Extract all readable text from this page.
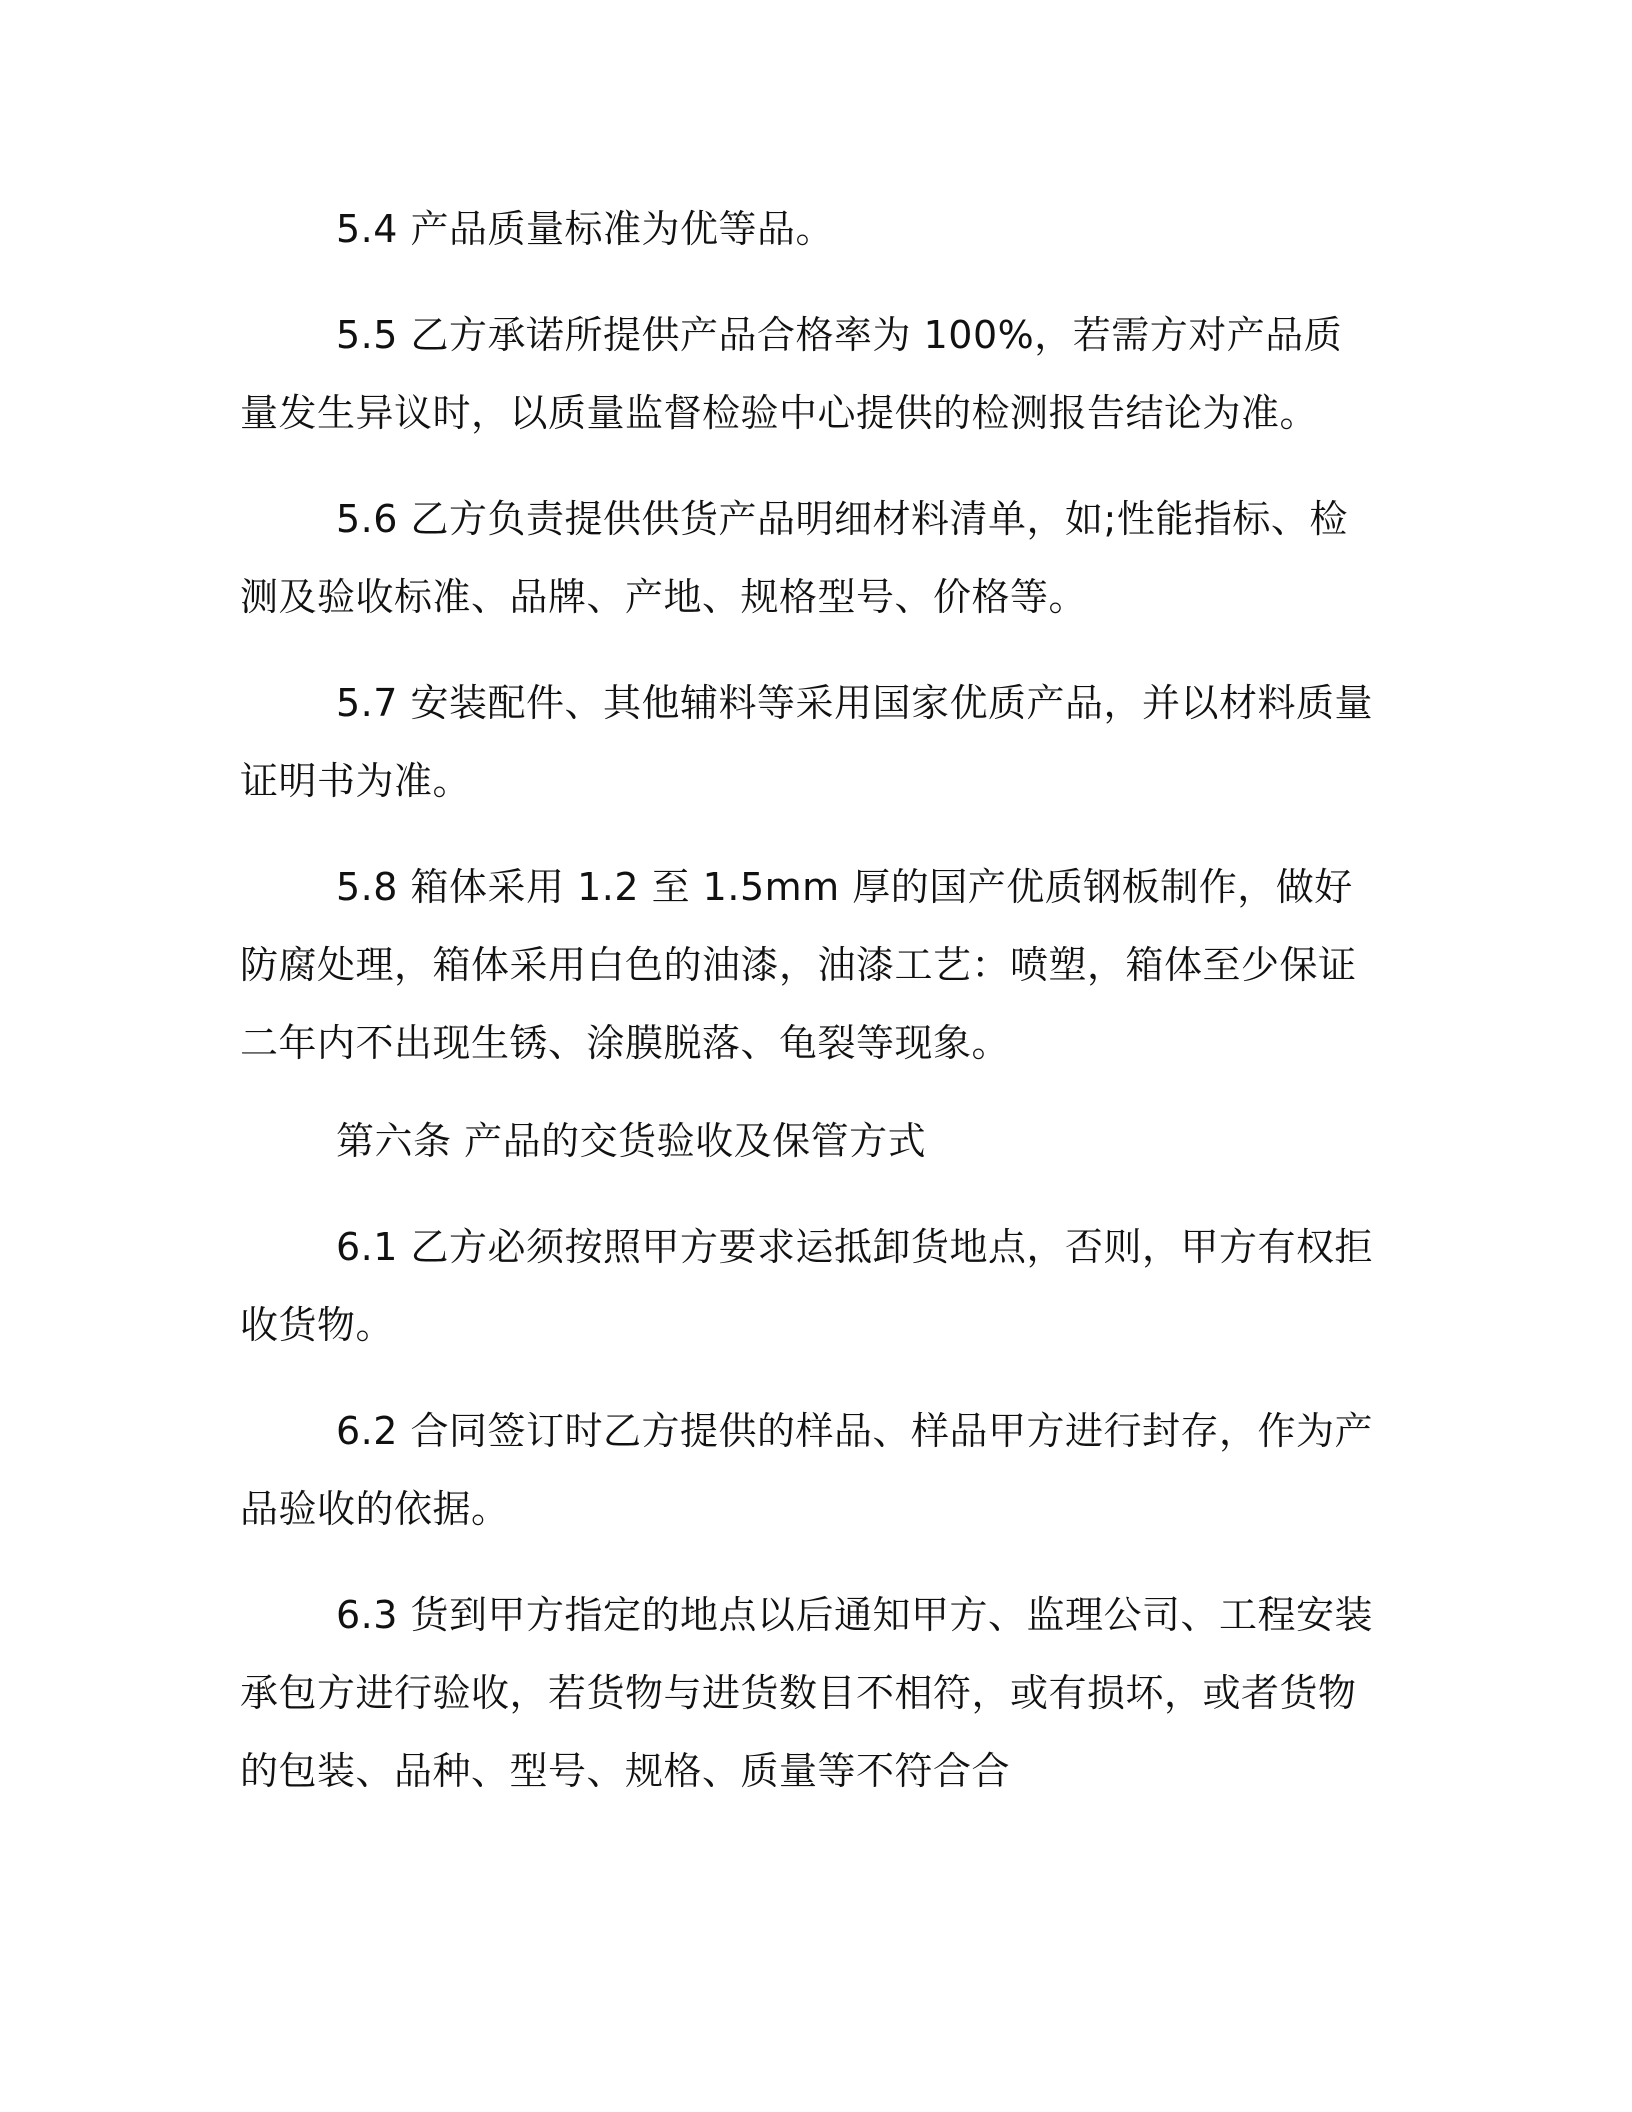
5.4 产品质量标准为优等品。

5.5 乙方承诺所提供产品合格率为 100%，若需方对产品质量发生异议时，以质量监督检验中心提供的检测报告结论为准。

5.6 乙方负责提供供货产品明细材料清单，如;性能指标、检测及验收标准、品牌、产地、规格型号、价格等。

5.7 安装配件、其他辅料等采用国家优质产品，并以材料质量证明书为准。

5.8 箱体采用 1.2 至 1.5mm 厚的国产优质钢板制作，做好防腐处理，箱体采用白色的油漆，油漆工艺：喷塑，箱体至少保证二年内不出现生锈、涂膜脱落、龟裂等现象。

第六条 产品的交货验收及保管方式

6.1 乙方必须按照甲方要求运抵卸货地点，否则，甲方有权拒收货物。

6.2 合同签订时乙方提供的样品、样品甲方进行封存，作为产品验收的依据。

6.3 货到甲方指定的地点以后通知甲方、监理公司、工程安装承包方进行验收，若货物与进货数目不相符，或有损坏，或者货物的包装、品种、型号、规格、质量等不符合合
